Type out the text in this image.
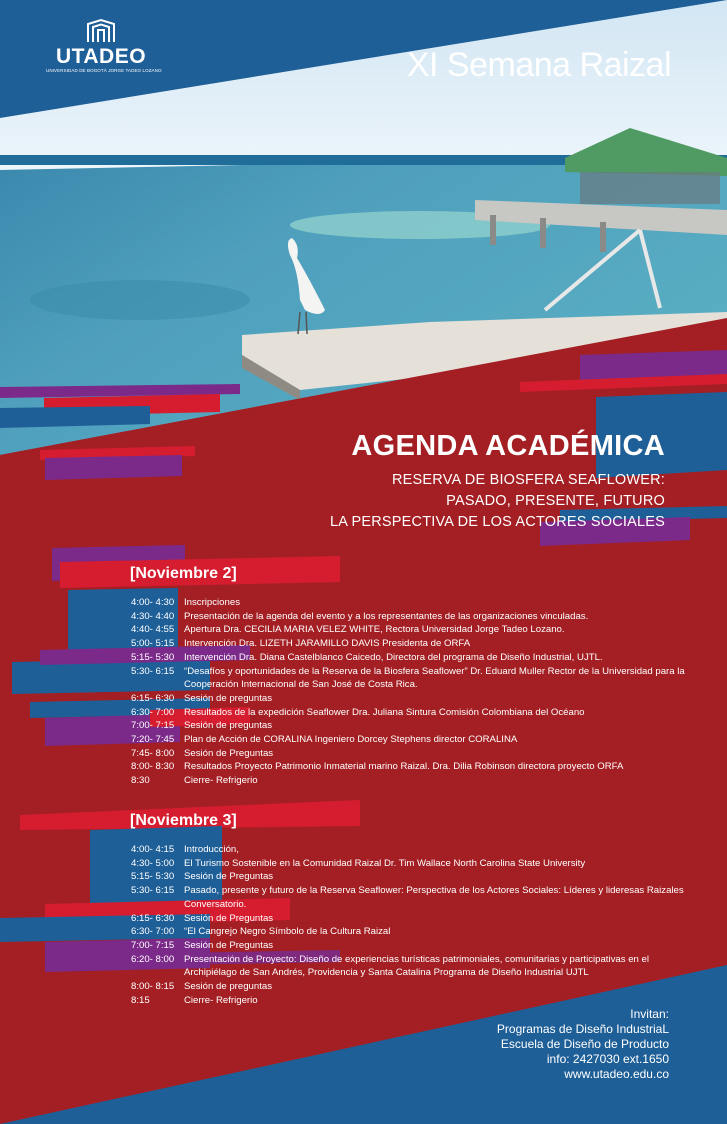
UTADEO
UNIVERSIDAD DE BOGOTÁ JORGE TADEO LOZANO	XI Semana Raizal
AGENDA ACADÉMICA
RESERVA DE BIOSFERA SEAFLOWER:
PASADO, PRESENTE, FUTURO
LA PERSPECTIVA DE LOS ACTORES SOCIALES
[Noviembre 2]
4:00- 4:30	Inscripciones
4:30- 4:40	Presentación de la agenda del evento y a los representantes de las organizaciones vinculadas.
4:40- 4:55	Apertura Dra. CECILIA MARIA VELEZ WHITE, Rectora Universidad Jorge Tadeo Lozano.
5:00- 5:15	Intervención Dra. LIZETH JARAMILLO DAVIS Presidenta de ORFA
5:15- 5:30	Intervención Dra. Diana Castelblanco Caicedo, Directora del programa de Diseño Industrial, UJTL.
5:30- 6:15	“Desafíos y oportunidades de la Reserva de la Biosfera Seaflower” Dr. Eduard Muller Rector de la Universidad para la Cooperación Internacional de San José de Costa Rica.
6:15- 6:30	Sesión de preguntas
6:30- 7:00	Resultados de la expedición Seaflower Dra. Juliana Sintura Comisión Colombiana del Océano
7:00- 7:15	Sesión de preguntas
7:20- 7:45	Plan de Acción de CORALINA Ingeniero Dorcey Stephens director CORALINA
7:45- 8:00	Sesión de Preguntas
8:00- 8:30	Resultados Proyecto Patrimonio Inmaterial marino Raizal. Dra. Dilia Robinson directora proyecto ORFA
8:30	Cierre- Refrigerio
[Noviembre 3]
4:00- 4:15	Introducción,
4:30- 5:00	El Turismo Sostenible en la Comunidad Raizal Dr. Tim Wallace North Carolina State University
5:15- 5:30	Sesión de Preguntas
5:30- 6:15	Pasado, presente y futuro de la Reserva Seaflower: Perspectiva de los Actores Sociales: Líderes y lideresas Raizales Conversatorio.
6:15- 6:30	Sesión de Preguntas
6:30- 7:00	“El Cangrejo Negro Símbolo de la Cultura Raizal
7:00- 7:15	Sesión de Preguntas
6:20- 8:00	Presentación de Proyecto: Diseño de experiencias turísticas patrimoniales, comunitarias y participativas en el Archipiélago de San Andrés, Providencia y Santa Catalina Programa de Diseño Industrial UJTL
8:00- 8:15	Sesión de preguntas
8:15	Cierre- Refrigerio
Invitan:
Programas de Diseño IndustriaL
Escuela de Diseño de Producto
info: 2427030 ext.1650
www.utadeo.edu.co
